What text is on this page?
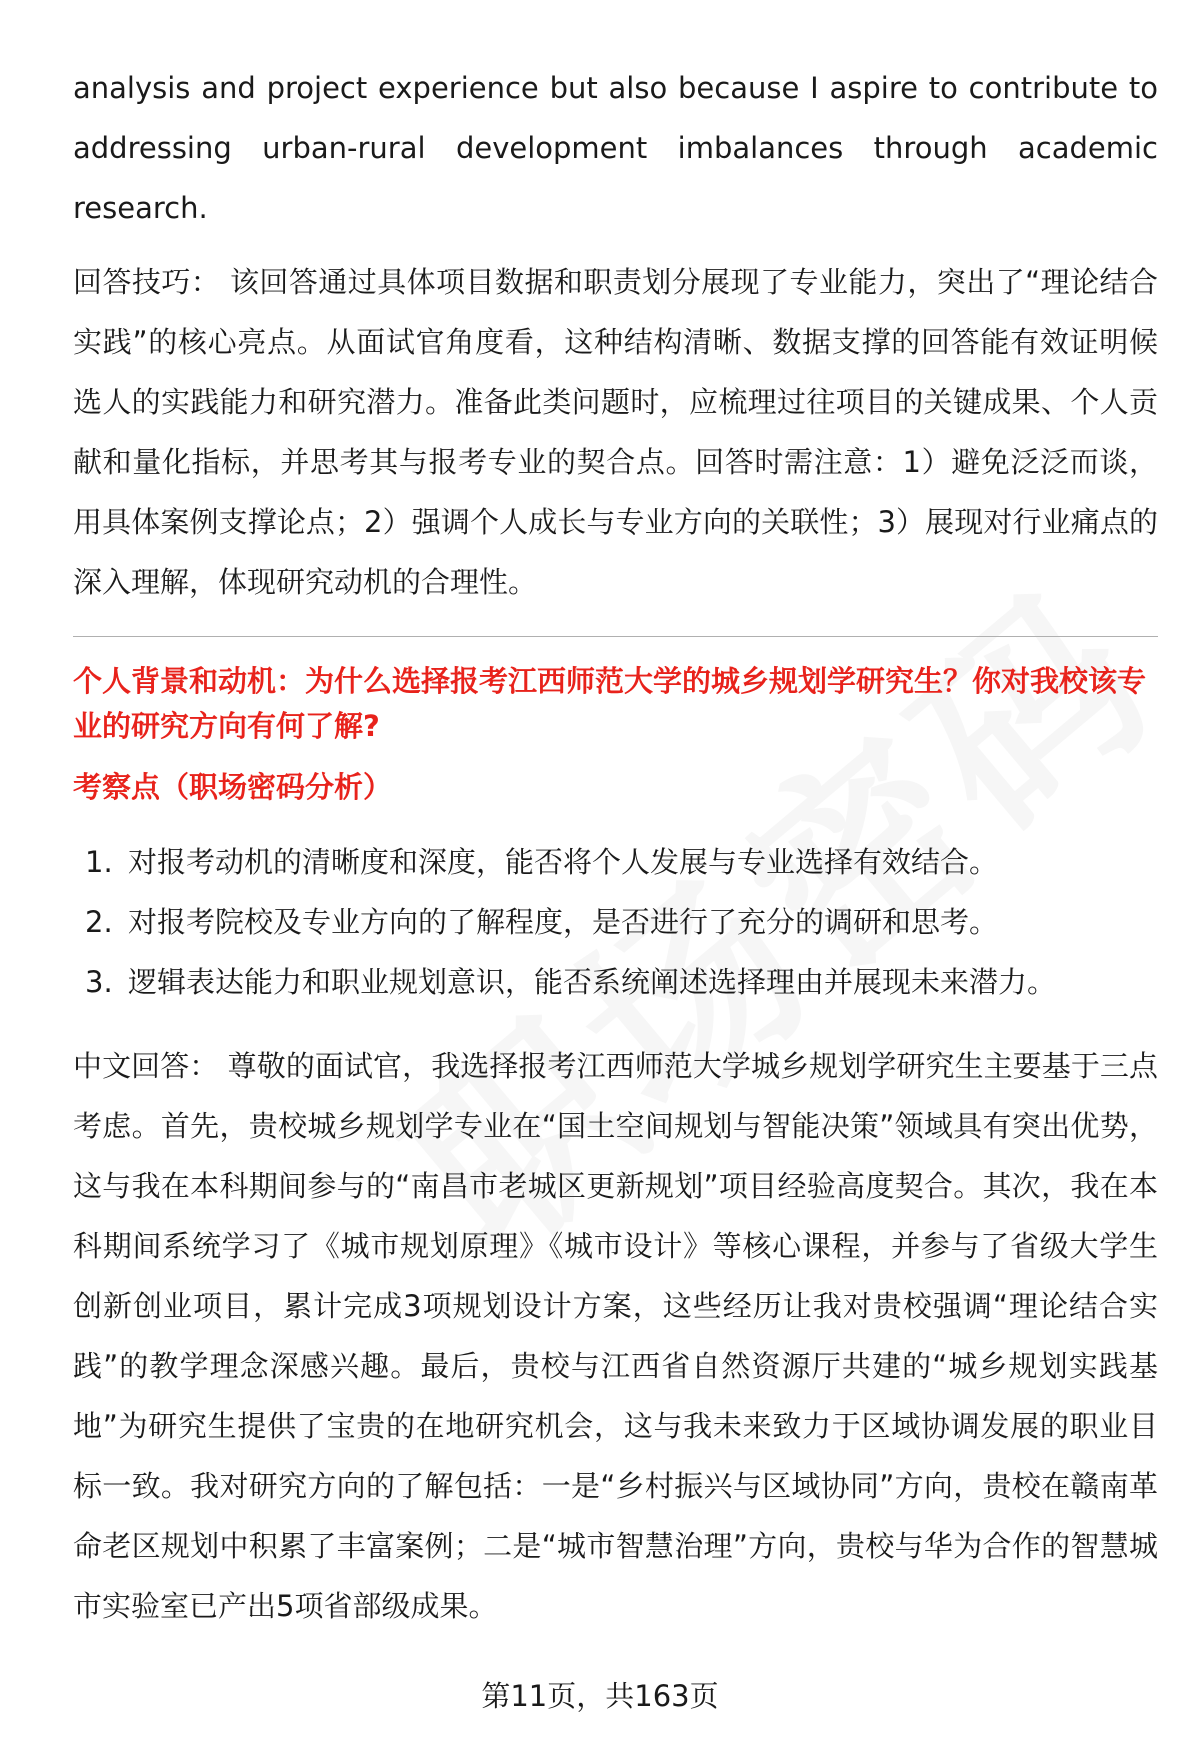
analysis and project experience but also because I aspire to contribute to addressing urban-rural development imbalances through academic research.

回答技巧： 该回答通过具体项目数据和职责划分展现了专业能力，突出了“理论结合实践”的核心亮点。从面试官角度看，这种结构清晰、数据支撑的回答能有效证明候选人的实践能力和研究潜力。准备此类问题时，应梳理过往项目的关键成果、个人贡献和量化指标，并思考其与报考专业的契合点。回答时需注意：1）避免泛泛而谈，用具体案例支撑论点；2）强调个人成长与专业方向的关联性；3）展现对行业痛点的深入理解，体现研究动机的合理性。

个人背景和动机：为什么选择报考江西师范大学的城乡规划学研究生？你对我校该专业的研究方向有何了解?

考察点（职场密码分析）

1. 对报考动机的清晰度和深度，能否将个人发展与专业选择有效结合。
2. 对报考院校及专业方向的了解程度，是否进行了充分的调研和思考。
3. 逻辑表达能力和职业规划意识，能否系统阐述选择理由并展现未来潜力。

中文回答： 尊敬的面试官，我选择报考江西师范大学城乡规划学研究生主要基于三点考虑。首先，贵校城乡规划学专业在“国土空间规划与智能决策”领域具有突出优势，这与我在本科期间参与的“南昌市老城区更新规划”项目经验高度契合。其次，我在本科期间系统学习了《城市规划原理》《城市设计》等核心课程，并参与了省级大学生创新创业项目，累计完成3项规划设计方案，这些经历让我对贵校强调“理论结合实践”的教学理念深感兴趣。最后，贵校与江西省自然资源厅共建的“城乡规划实践基地”为研究生提供了宝贵的在地研究机会，这与我未来致力于区域协调发展的职业目标一致。我对研究方向的了解包括：一是“乡村振兴与区域协同”方向，贵校在赣南革命老区规划中积累了丰富案例；二是“城市智慧治理”方向，贵校与华为合作的智慧城市实验室已产出5项省部级成果。

第11页，共163页
